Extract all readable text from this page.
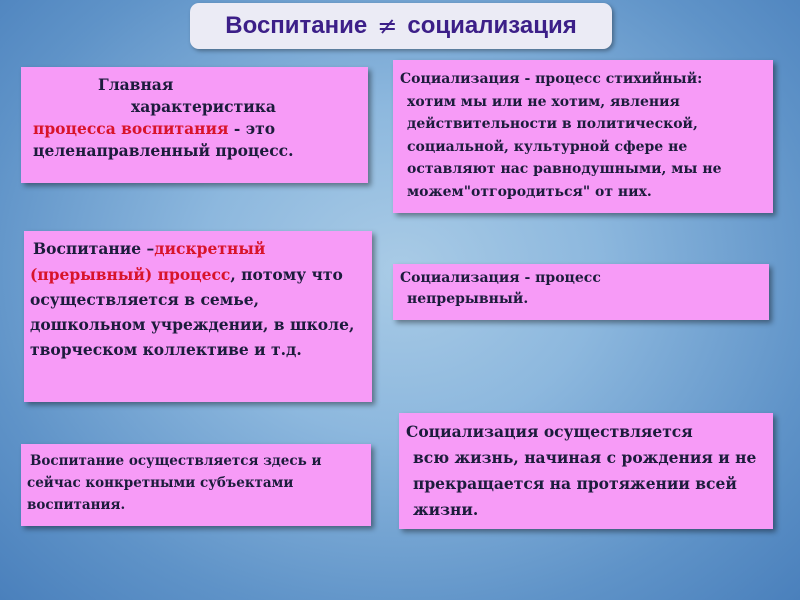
Воспитание ≠ социализация
Главная
характеристика
процесса воспитания - это целенаправленный процесс.
Социализация - процесс стихийный:
хотим мы или не хотим, явления действительности в политической, социальной, культурной сфере не оставляют нас равнодушными, мы не можем"отгородиться" от них.
Воспитание –дискретный (прерывный) процесс, потому что осуществляется в семье, дошкольном учреждении, в школе, творческом коллективе и т.д.
Социализация - процесс
непрерывный.
Воспитание осуществляется здесь и сейчас конкретными субъектами воспитания.
Социализация осуществляется
всю жизнь, начиная с рождения и не прекращается на протяжении всей жизни.
